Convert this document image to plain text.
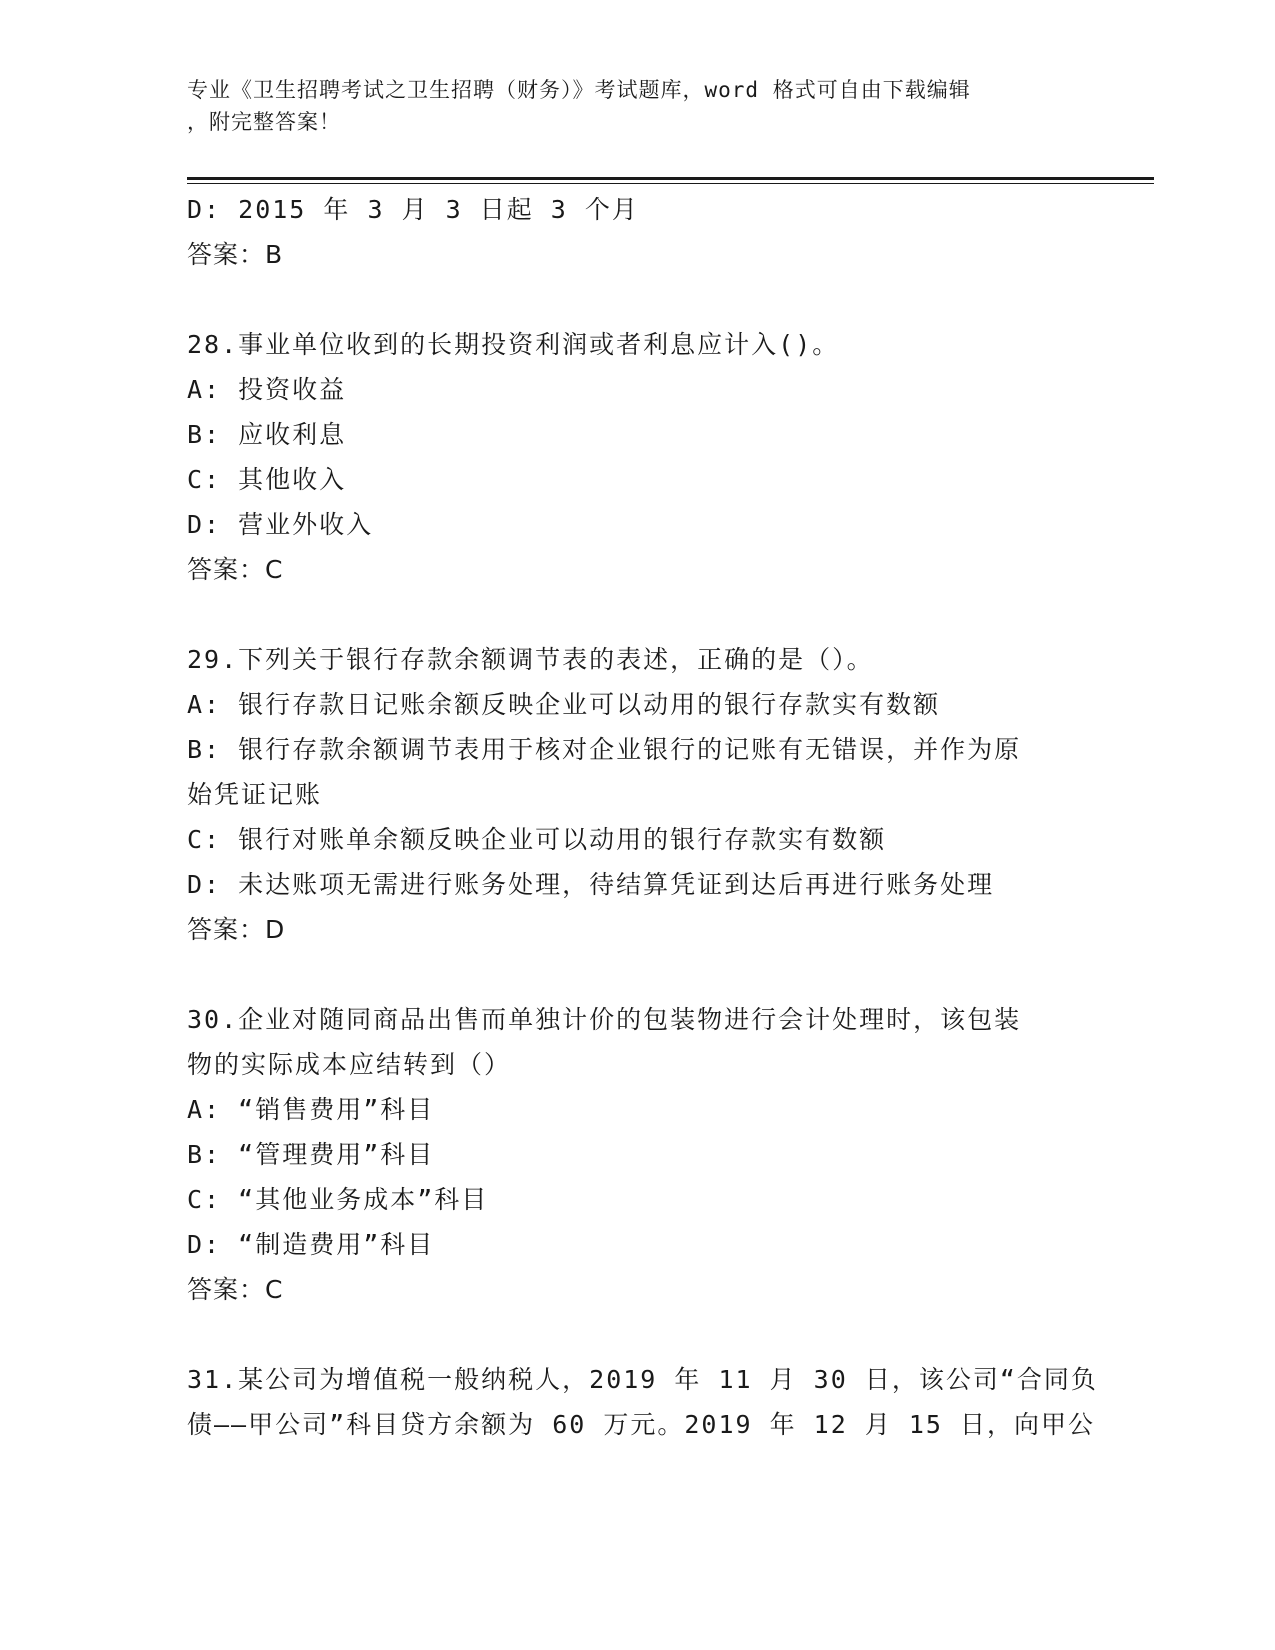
专业《卫生招聘考试之卫生招聘（财务）》考试题库，word 格式可自由下载编辑
，附完整答案！
D: 2015 年 3 月 3 日起 3 个月
答案：B
28.事业单位收到的长期投资利润或者利息应计入()。
A: 投资收益
B: 应收利息
C: 其他收入
D: 营业外收入
答案：C
29.下列关于银行存款余额调节表的表述，正确的是（）。
A: 银行存款日记账余额反映企业可以动用的银行存款实有数额
B: 银行存款余额调节表用于核对企业银行的记账有无错误，并作为原
始凭证记账
C: 银行对账单余额反映企业可以动用的银行存款实有数额
D: 未达账项无需进行账务处理，待结算凭证到达后再进行账务处理
答案：D
30.企业对随同商品出售而单独计价的包装物进行会计处理时，该包装
物的实际成本应结转到（）
A: “销售费用”科目
B: “管理费用”科目
C: “其他业务成本”科目
D: “制造费用”科目
答案：C
31.某公司为增值税一般纳税人，2019 年 11 月 30 日，该公司“合同负
债——甲公司”科目贷方余额为 60 万元。2019 年 12 月 15 日，向甲公
